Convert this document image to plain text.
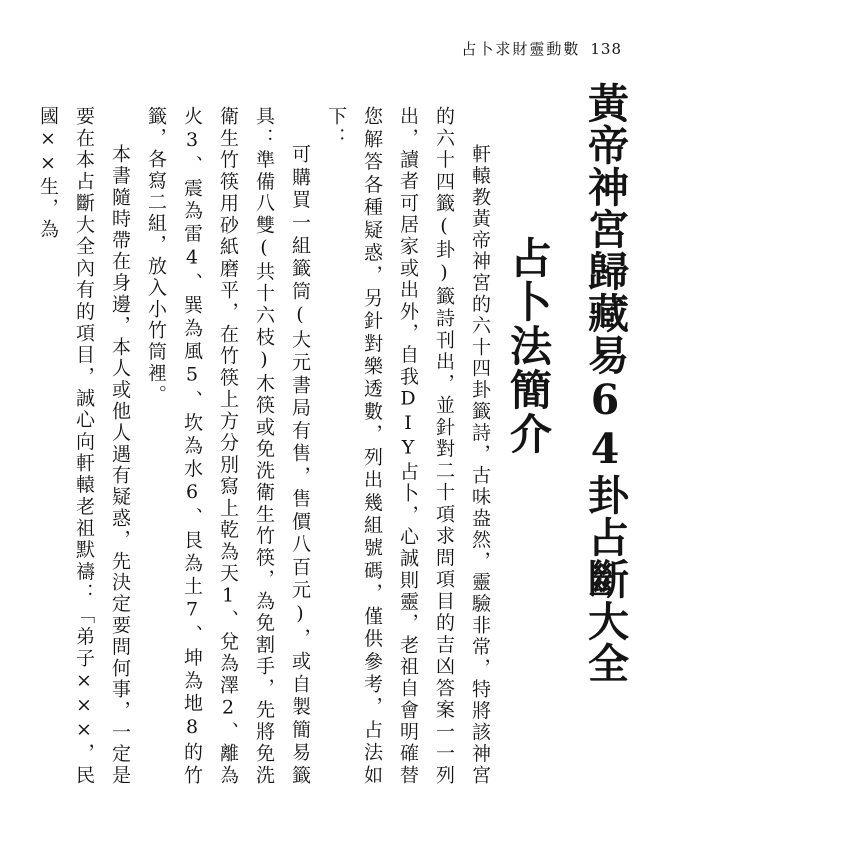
占卜求財靈動數 138
黃帝神宮歸藏易64卦占斷大全
占卜法簡介

軒轅教黃帝神宮的六十四卦籤詩，古味盎然，靈驗非常，特將該神宮的六十四籤(卦)籤詩刊出，並針對二十項求問項目的吉凶答案一一列出，讀者可居家或出外，自我DIY占卜，心誠則靈，老祖自會明確替您解答各種疑惑，另針對樂透數，列出幾組號碼，僅供參考，占法如下：

可購買一組籤筒(大元書局有售，售價八百元)，或自製簡易籤具：準備八雙(共十六枝)木筷或免洗衛生竹筷，為免割手，先將免洗衛生竹筷用砂紙磨平，在竹筷上方分別寫上乾為天1、兌為澤2、離為火3、震為雷4、巽為風5、坎為水6、艮為土7、坤為地8的竹籤，各寫二組，放入小竹筒裡。

本書隨時帶在身邊，本人或他人遇有疑惑，先決定要問何事，一定是要在本占斷大全內有的項目，誠心向軒轅老祖默禱：「弟子×××，民國××生，為
